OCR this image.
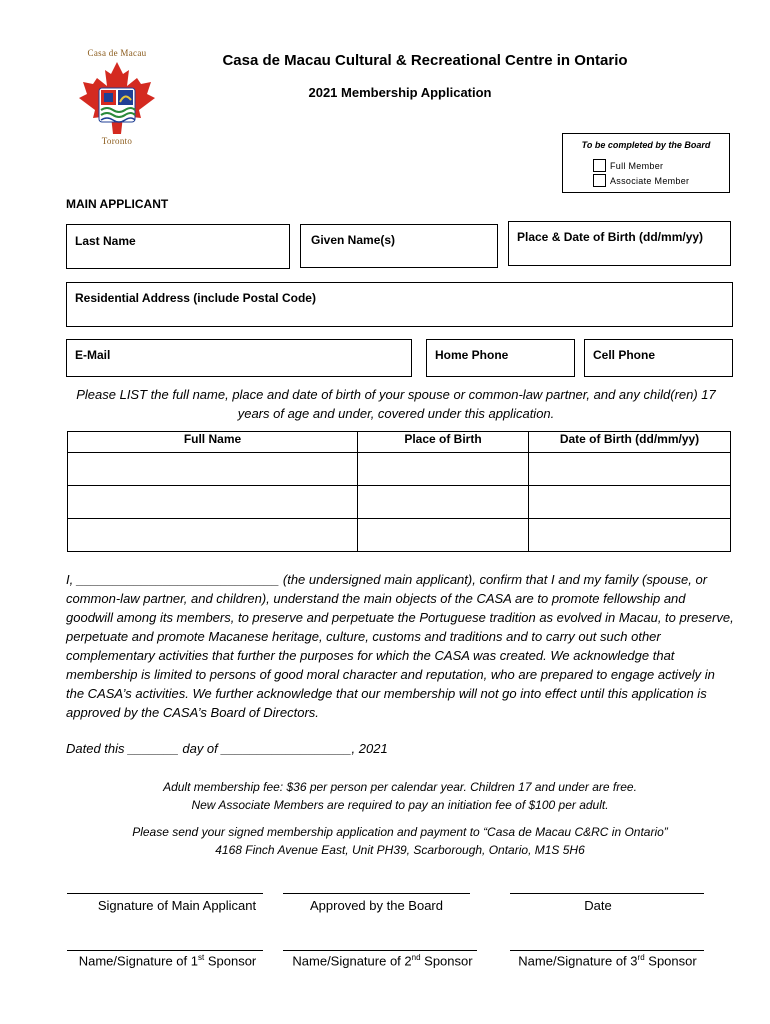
Casa de Macau
Toronto
Casa de Macau Cultural & Recreational Centre in Ontario
2021 Membership Application
To be completed by the Board
Full Member
Associate Member
MAIN APPLICANT
Last Name	Given Name(s)	Place & Date of Birth (dd/mm/yy)
Residential Address (include Postal Code)
E-Mail	Home Phone	Cell Phone
Please LIST the full name, place and date of birth of your spouse or common-law partner, and any child(ren) 17 years of age and under, covered under this application.
Full Name	Place of Birth	Date of Birth (dd/mm/yy)

I, ____________________________ (the undersigned main applicant), confirm that I and my family (spouse, or common-law partner, and children), understand the main objects of the CASA are to promote fellowship and goodwill among its members, to preserve and perpetuate the Portuguese tradition as evolved in Macau, to preserve, perpetuate and promote Macanese heritage, culture, customs and traditions and to carry out such other complementary activities that further the purposes for which the CASA was created. We acknowledge that membership is limited to persons of good moral character and reputation, who are prepared to engage actively in the CASA’s activities. We further acknowledge that our membership will not go into effect until this application is approved by the CASA’s Board of Directors.
Dated this _______ day of __________________, 2021
Adult membership fee: $36 per person per calendar year. Children 17 and under are free.
New Associate Members are required to pay an initiation fee of $100 per adult.
Please send your signed membership application and payment to “Casa de Macau C&RC in Ontario”
4168 Finch Avenue East, Unit PH39, Scarborough, Ontario, M1S 5H6
Signature of Main Applicant	Approved by the Board	Date
Name/Signature of 1st Sponsor	Name/Signature of 2nd Sponsor	Name/Signature of 3rd Sponsor
